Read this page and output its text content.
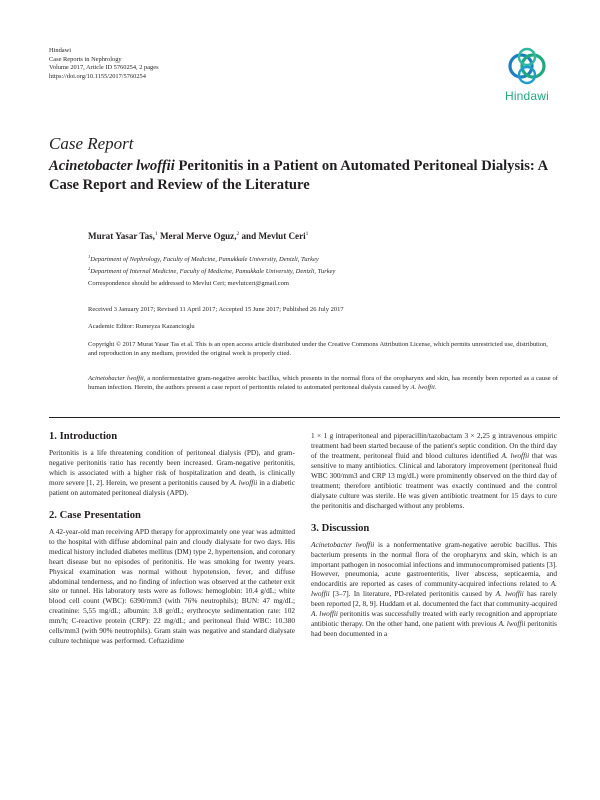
Hindawi
Case Reports in Nephrology
Volume 2017, Article ID 5760254, 2 pages
https://doi.org/10.1155/2017/5760254
Hindawi
Case Report
Acinetobacter lwoffii Peritonitis in a Patient on Automated Peritoneal Dialysis: A Case Report and Review of the Literature
Murat Yasar Tas,$^1$ Meral Merve Oguz,$^2$ and Mevlut Ceri$^1$
$^1$Department of Nephrology, Faculty of Medicine, Pamukkale University, Denizli, Turkey
$^2$Department of Internal Medicine, Faculty of Medicine, Pamukkale University, Denizli, Turkey
Correspondence should be addressed to Mevlut Ceri; mevlutceri@gmail.com
Received 3 January 2017; Revised 11 April 2017; Accepted 15 June 2017; Published 26 July 2017
Academic Editor: Rumeyza Kazancioglu
Copyright © 2017 Murat Yasar Tas et al. This is an open access article distributed under the Creative Commons Attribution License, which permits unrestricted use, distribution, and reproduction in any medium, provided the original work is properly cited.
Acinetobacter lwoffii, a nonfermentative gram-negative aerobic bacillus, which presents in the normal flora of the oropharynx and skin, has recently been reported as a cause of human infection. Herein, the authors present a case report of peritonitis related to automated peritoneal dialysis caused by A. lwoffii.
1. Introduction

Peritonitis is a life threatening condition of peritoneal dialysis (PD), and gram-negative peritonitis ratio has recently been increased. Gram-negative peritonitis, which is associated with a higher risk of hospitalization and death, is clinically more severe [1, 2]. Herein, we present a peritonitis caused by A. lwoffii in a diabetic patient on automated peritoneal dialysis (APD).

2. Case Presentation

A 42-year-old man receiving APD therapy for approximately one year was admitted to the hospital with diffuse abdominal pain and cloudy dialysate for two days. His medical history included diabetes mellitus (DM) type 2, hypertension, and coronary heart disease but no episodes of peritonitis. He was smoking for twenty years. Physical examination was normal without hypotension, fever, and diffuse abdominal tenderness, and no finding of infection was observed at the catheter exit site or tunnel. His laboratory tests were as follows: hemoglobin: 10.4 g/dL; white blood cell count (WBC): 6390/mm3 (with 76% neutrophils); BUN: 47 mg/dL; creatinine: 5,55 mg/dL; albumin: 3.8 gr/dL; erythrocyte sedimentation rate: 102 mm/h; C-reactive protein (CRP): 22 mg/dL; and peritoneal fluid WBC: 10.380 cells/mm3 (with 90% neutrophils). Gram stain was negative and standard dialysate culture technique was performed. Ceftazidime

1 × 1 g intraperitoneal and piperacillin/tazobactam 3 × 2,25 g intravenous empiric treatment had been started because of the patient's septic condition. On the third day of the treatment, peritoneal fluid and blood cultures identified A. lwoffii that was sensitive to many antibiotics. Clinical and laboratory improvement (peritoneal fluid WBC 300/mm3 and CRP 13 mg/dL) were prominently observed on the third day of treatment; therefore antibiotic treatment was exactly continued and the control dialysate culture was sterile. He was given antibiotic treatment for 15 days to cure the peritonitis and discharged without any problems.

3. Discussion

Acinetobacter lwoffii is a nonfermentative gram-negative aerobic bacillus. This bacterium presents in the normal flora of the oropharynx and skin, which is an important pathogen in nosocomial infections and immunocompromised patients [3]. However, pneumonia, acute gastroenteritis, liver abscess, septicaemia, and endocarditis are reported as cases of community-acquired infections related to A. lwoffii [3–7]. In literature, PD-related peritonitis caused by A. lwoffii has rarely been reported [2, 8, 9]. Huddam et al. documented the fact that community-acquired A. lwoffii peritonitis was successfully treated with early recognition and appropriate antibiotic therapy. On the other hand, one patient with previous A. lwoffii peritonitis had been documented in a
